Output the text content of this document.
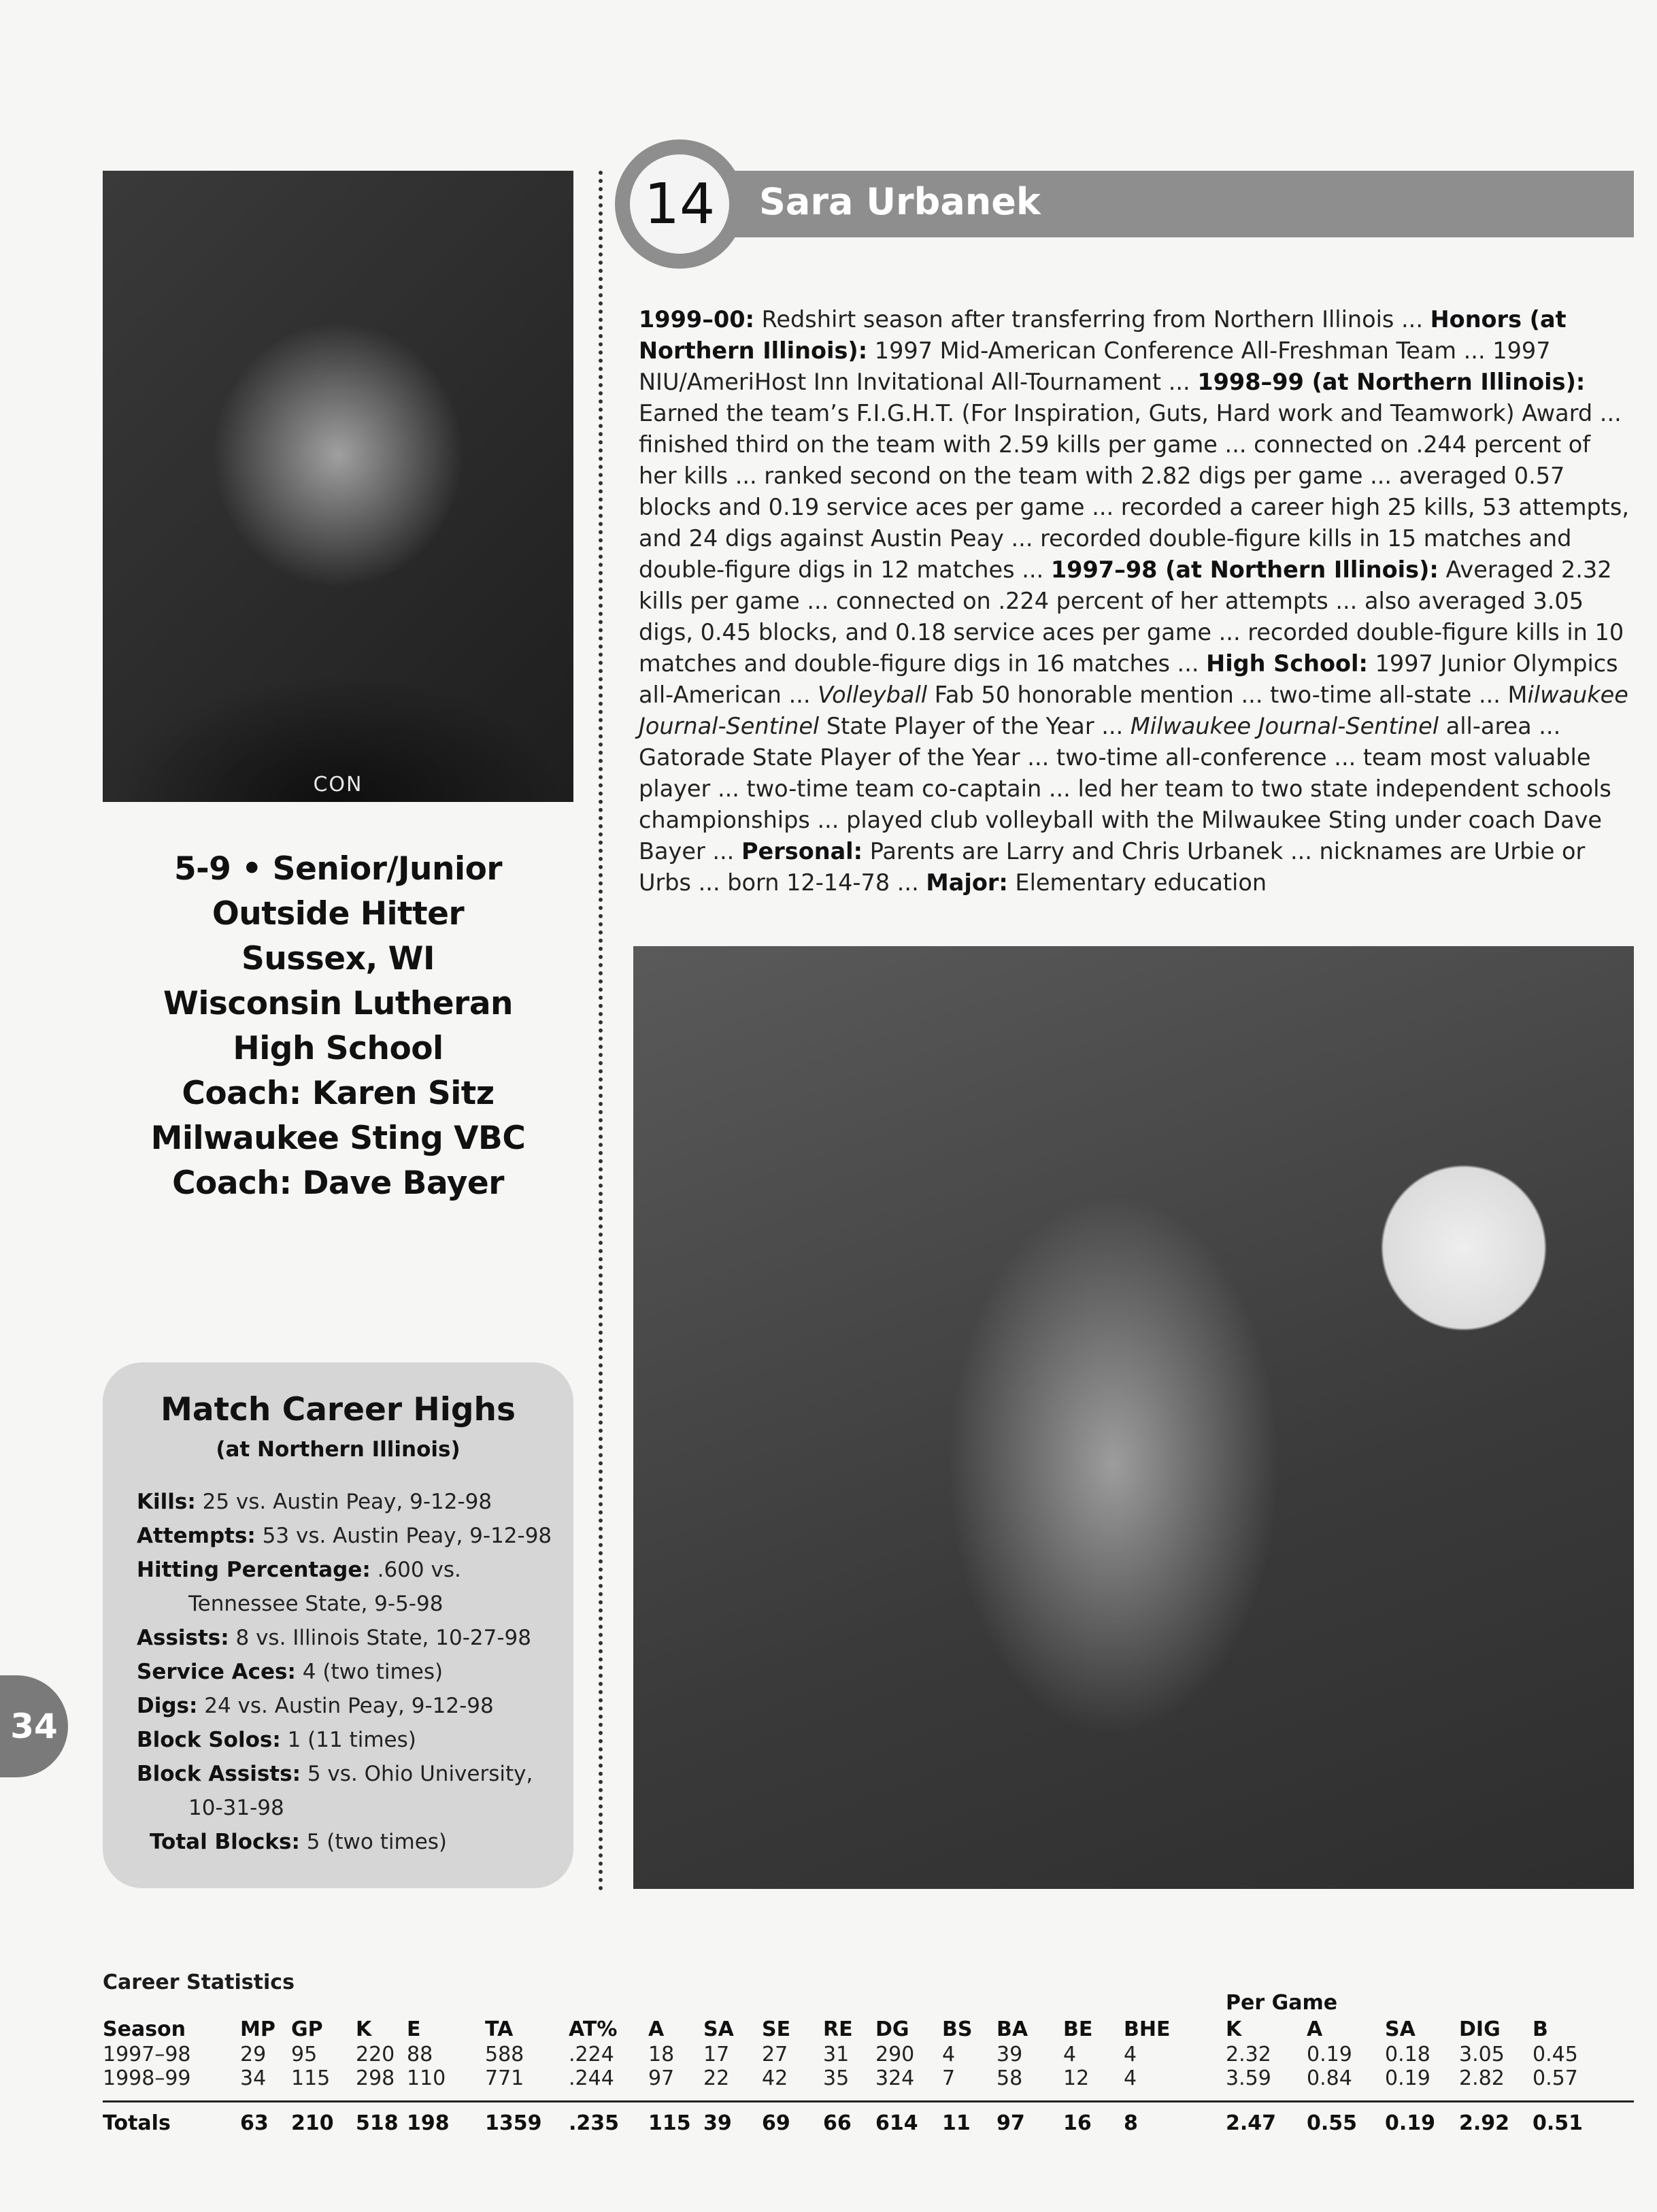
CON
5-9 • Senior/Junior
Outside Hitter
Sussex, WI
Wisconsin Lutheran
High School
Coach: Karen Sitz
Milwaukee Sting VBC
Coach: Dave Bayer
Match Career Highs
(at Northern Illinois)
Kills: 25 vs. Austin Peay, 9-12-98
Attempts: 53 vs. Austin Peay, 9-12-98
Hitting Percentage: .600 vs. Tennessee State, 9-5-98
Assists: 8 vs. Illinois State, 10-27-98
Service Aces: 4 (two times)
Digs: 24 vs. Austin Peay, 9-12-98
Block Solos: 1 (11 times)
Block Assists: 5 vs. Ohio University, 10-31-98
Total Blocks: 5 (two times)
34
14 Sara Urbanek
1999–00: Redshirt season after transferring from Northern Illinois ... Honors (at Northern Illinois): 1997 Mid-American Conference All-Freshman Team ... 1997 NIU/AmeriHost Inn Invitational All-Tournament ... 1998–99 (at Northern Illinois): Earned the team’s F.I.G.H.T. (For Inspiration, Guts, Hard work and Teamwork) Award ... finished third on the team with 2.59 kills per game ... connected on .244 percent of her kills ... ranked second on the team with 2.82 digs per game ... averaged 0.57 blocks and 0.19 service aces per game ... recorded a career high 25 kills, 53 attempts, and 24 digs against Austin Peay ... recorded double-figure kills in 15 matches and double-figure digs in 12 matches ... 1997–98 (at Northern Illinois): Averaged 2.32 kills per game ... connected on .224 percent of her attempts ... also averaged 3.05 digs, 0.45 blocks, and 0.18 service aces per game ... recorded double-figure kills in 10 matches and double-figure digs in 16 matches ... High School: 1997 Junior Olympics all-American ... Volleyball Fab 50 honorable mention ... two-time all-state ... Milwaukee Journal-Sentinel State Player of the Year ... Milwaukee Journal-Sentinel all-area ... Gatorade State Player of the Year ... two-time all-conference ... team most valuable player ... two-time team co-captain ... led her team to two state independent schools championships ... played club volleyball with the Milwaukee Sting under coach Dave Bayer ... Personal: Parents are Larry and Chris Urbanek ... nicknames are Urbie or Urbs ... born 12-14-78 ... Major: Elementary education
Career Statistics
Per Game
Season	MP GP K E	TA	AT% A SA SE RE DG BS BA BE BHE	K	A	SA DIG B
1997–98 29 95 220 88	588 .224 18 17 27 31 290 4 39 4 4	2.32 0.19 0.18 3.05 0.45
1998–99 34 115 298 110 771 .244 97 22 42 35 324 7 58 12 4	3.59 0.84 0.19 2.82 0.57
Totals	63 210 518 198 1359 .235 115 39 69 66 614 11 97 16 8	2.47 0.55 0.19 2.92 0.51
